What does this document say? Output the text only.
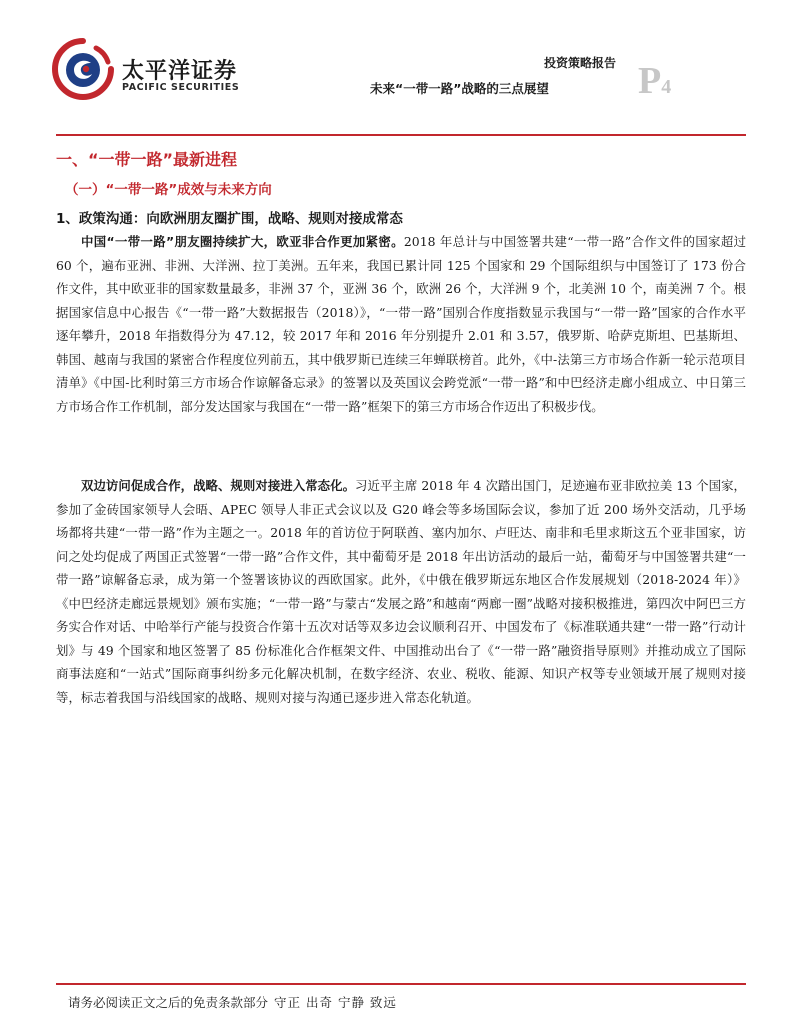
太平洋证券
PACIFIC SECURITIES
投资策略报告
未来“一带一路”战略的三点展望 P4
一、“一带一路”最新进程
（一）“一带一路”成效与未来方向
1、政策沟通：向欧洲朋友圈扩围，战略、规则对接成常态

中国“一带一路”朋友圈持续扩大，欧亚非合作更加紧密。2018 年总计与中国签署共建“一带一路”合作文件的国家超过 60 个，遍布亚洲、非洲、大洋洲、拉丁美洲。五年来，我国已累计同 125 个国家和 29 个国际组织与中国签订了 173 份合作文件，其中欧亚非的国家数量最多，非洲 37 个，亚洲 36 个，欧洲 26 个，大洋洲 9 个，北美洲 10 个，南美洲 7 个。根据国家信息中心报告《“一带一路”大数据报告（2018）》，“一带一路”国别合作度指数显示我国与“一带一路”国家的合作水平逐年攀升，2018 年指数得分为 47.12，较 2017 年和 2016 年分别提升 2.01 和 3.57，俄罗斯、哈萨克斯坦、巴基斯坦、韩国、越南与我国的紧密合作程度位列前五，其中俄罗斯已连续三年蝉联榜首。此外，《中-法第三方市场合作新一轮示范项目清单》《中国-比利时第三方市场合作谅解备忘录》的签署以及英国议会跨党派“一带一路”和中巴经济走廊小组成立、中日第三方市场合作工作机制，部分发达国家与我国在“一带一路”框架下的第三方市场合作迈出了积极步伐。

双边访问促成合作，战略、规则对接进入常态化。习近平主席 2018 年 4 次踏出国门，足迹遍布亚非欧拉美 13 个国家，参加了金砖国家领导人会晤、APEC 领导人非正式会议以及 G20 峰会等多场国际会议，参加了近 200 场外交活动，几乎场场都将共建“一带一路”作为主题之一。2018 年的首访位于阿联酋、塞内加尔、卢旺达、南非和毛里求斯这五个亚非国家，访问之处均促成了两国正式签署“一带一路”合作文件，其中葡萄牙是 2018 年出访活动的最后一站，葡萄牙与中国签署共建“一带一路”谅解备忘录，成为第一个签署该协议的西欧国家。此外，《中俄在俄罗斯远东地区合作发展规划（2018-2024 年）》《中巴经济走廊远景规划》颁布实施；“一带一路”与蒙古“发展之路”和越南“两廊一圈”战略对接积极推进，第四次中阿巴三方务实合作对话、中哈举行产能与投资合作第十五次对话等双多边会议顺利召开、中国发布了《标准联通共建“一带一路”行动计划》与 49 个国家和地区签署了 85 份标准化合作框架文件、中国推动出台了《“一带一路”融资指导原则》并推动成立了国际商事法庭和“一站式”国际商事纠纷多元化解决机制，在数字经济、农业、税收、能源、知识产权等专业领域开展了规则对接等，标志着我国与沿线国家的战略、规则对接与沟通已逐步进入常态化轨道。

请务必阅读正文之后的免责条款部分 守正 出奇 宁静 致远
